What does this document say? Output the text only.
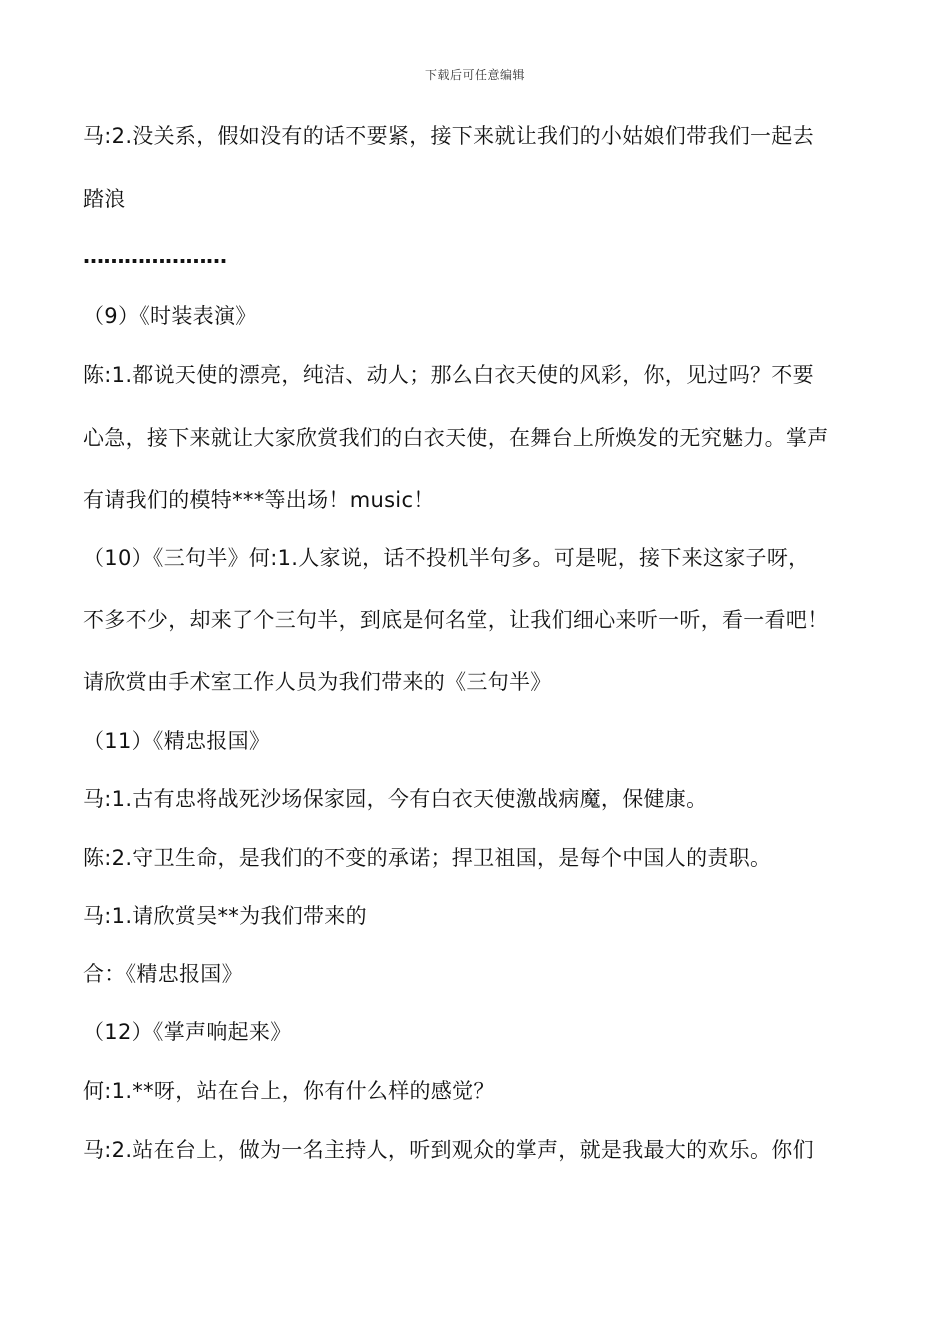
下载后可任意编辑
马:2.没关系，假如没有的话不要紧，接下来就让我们的小姑娘们带我们一起去
踏浪
…………………
（9）《时装表演》
陈:1.都说天使的漂亮，纯洁、动人；那么白衣天使的风彩，你，见过吗？不要
心急，接下来就让大家欣赏我们的白衣天使，在舞台上所焕发的无究魅力。掌声
有请我们的模特***等出场！music！
（10）《三句半》何:1.人家说，话不投机半句多。可是呢，接下来这家子呀，
不多不少，却来了个三句半，到底是何名堂，让我们细心来听一听，看一看吧！
请欣赏由手术室工作人员为我们带来的《三句半》
（11）《精忠报国》
马:1.古有忠将战死沙场保家园，今有白衣天使激战病魔，保健康。
陈:2.守卫生命，是我们的不变的承诺；捍卫祖国，是每个中国人的责职。
马:1.请欣赏吴**为我们带来的
合：《精忠报国》
（12）《掌声响起来》
何:1.**呀，站在台上，你有什么样的感觉？
马:2.站在台上，做为一名主持人，听到观众的掌声，就是我最大的欢乐。你们
